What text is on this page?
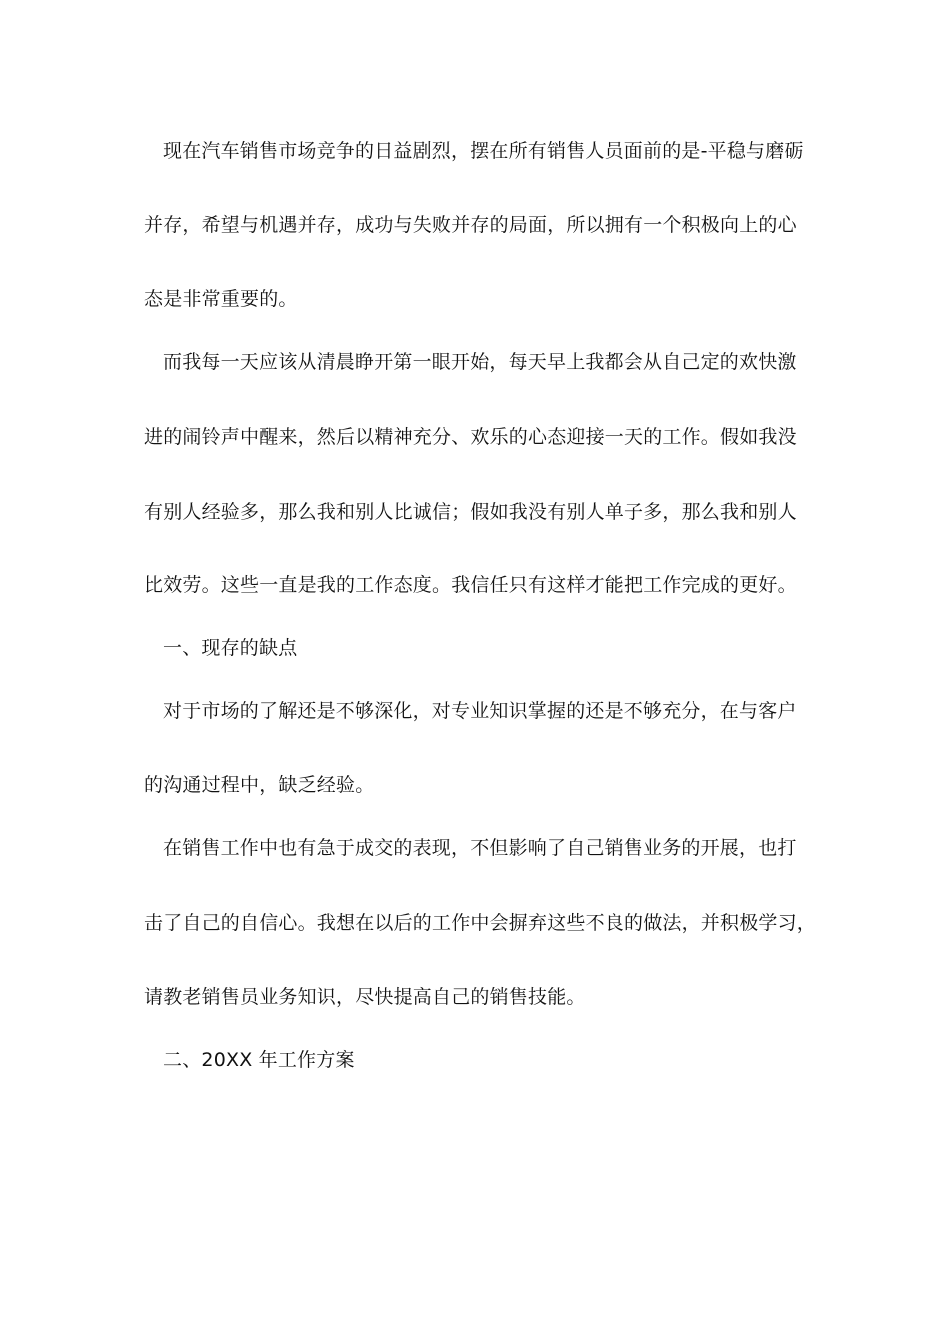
现在汽车销售市场竞争的日益剧烈，摆在所有销售人员面前的是-平稳与磨砺

并存，希望与机遇并存，成功与失败并存的局面，所以拥有一个积极向上的心

态是非常重要的。

而我每一天应该从清晨睁开第一眼开始，每天早上我都会从自己定的欢快激

进的闹铃声中醒来，然后以精神充分、欢乐的心态迎接一天的工作。假如我没

有别人经验多，那么我和别人比诚信；假如我没有别人单子多，那么我和别人

比效劳。这些一直是我的工作态度。我信任只有这样才能把工作完成的更好。

一、现存的缺点

对于市场的了解还是不够深化，对专业知识掌握的还是不够充分，在与客户

的沟通过程中，缺乏经验。

在销售工作中也有急于成交的表现，不但影响了自己销售业务的开展，也打

击了自己的自信心。我想在以后的工作中会摒弃这些不良的做法，并积极学习，

请教老销售员业务知识，尽快提高自己的销售技能。

二、20XX 年工作方案
